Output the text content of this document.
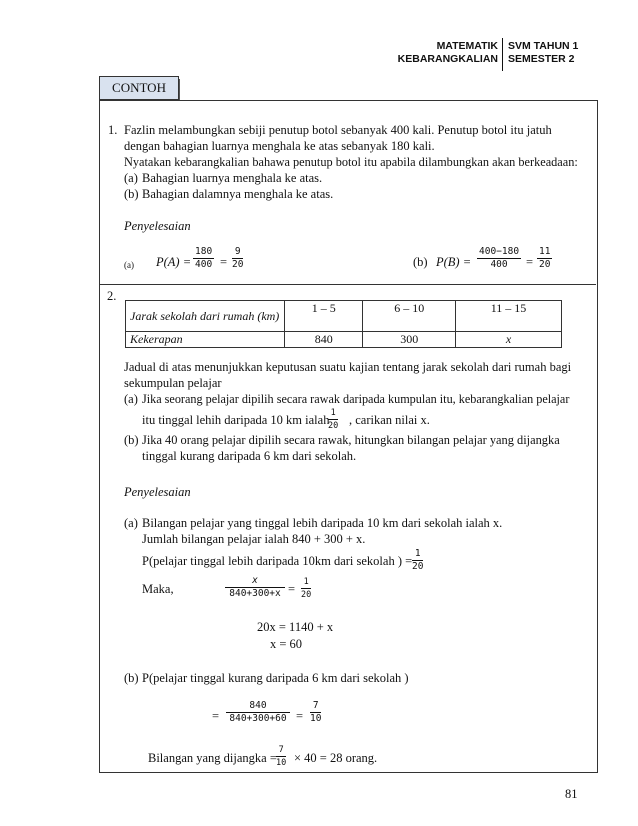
MATEMATIK
KEBARANGKALIAN
SVM TAHUN 1
SEMESTER 2
CONTOH
1. Fazlin melambungkan sebiji penutup botol sebanyak 400 kali. Penutup botol itu jatuh
dengan bahagian luarnya menghala ke atas sebanyak 180 kali.
Nyatakan kebarangkalian bahawa penutup botol itu apabila dilambungkan akan berkeadaan:
(a) Bahagian luarnya menghala ke atas.
(b) Bahagian dalamnya menghala ke atas.
Penyelesaian
(a) $P(A) = \frac{180}{400} = \frac{9}{20}$	(b) $P(B) = \frac{400-180}{400} = \frac{11}{20}$
2.
Jarak sekolah dari rumah (km)	1 – 5	6 – 10	11 – 15
Kekerapan	840	300	x
Jadual di atas menunjukkan keputusan suatu kajian tentang jarak sekolah dari rumah bagi
sekumpulan pelajar
(a) Jika seorang pelajar dipilih secara rawak daripada kumpulan itu, kebarangkalian pelajar
itu tinggal lehih daripada 10 km ialah
$\frac{1}{20}$ , carikan nilai x.
(b) Jika 40 orang pelajar dipilih secara rawak, hitungkan bilangan pelajar yang dijangka
tinggal kurang daripada 6 km dari sekolah.
Penyelesaian
(a) Bilangan pelajar yang tinggal lebih daripada 10 km dari sekolah ialah x.
Jumlah bilangan pelajar ialah 840 + 300 + x.
P(pelajar tinggal lebih daripada 10km dari sekolah ) = $\frac{1}{20}$
Maka,	$\frac{x}{840+300+x} = \frac{1}{20}$
20x = 1140 + x
x = 60
(b) P(pelajar tinggal kurang daripada 6 km dari sekolah )
= $\frac{840}{840+300+60} = \frac{7}{10}$
Bilangan yang dijangka = $\frac{7}{10} \times 40 = 28$ orang.
81
